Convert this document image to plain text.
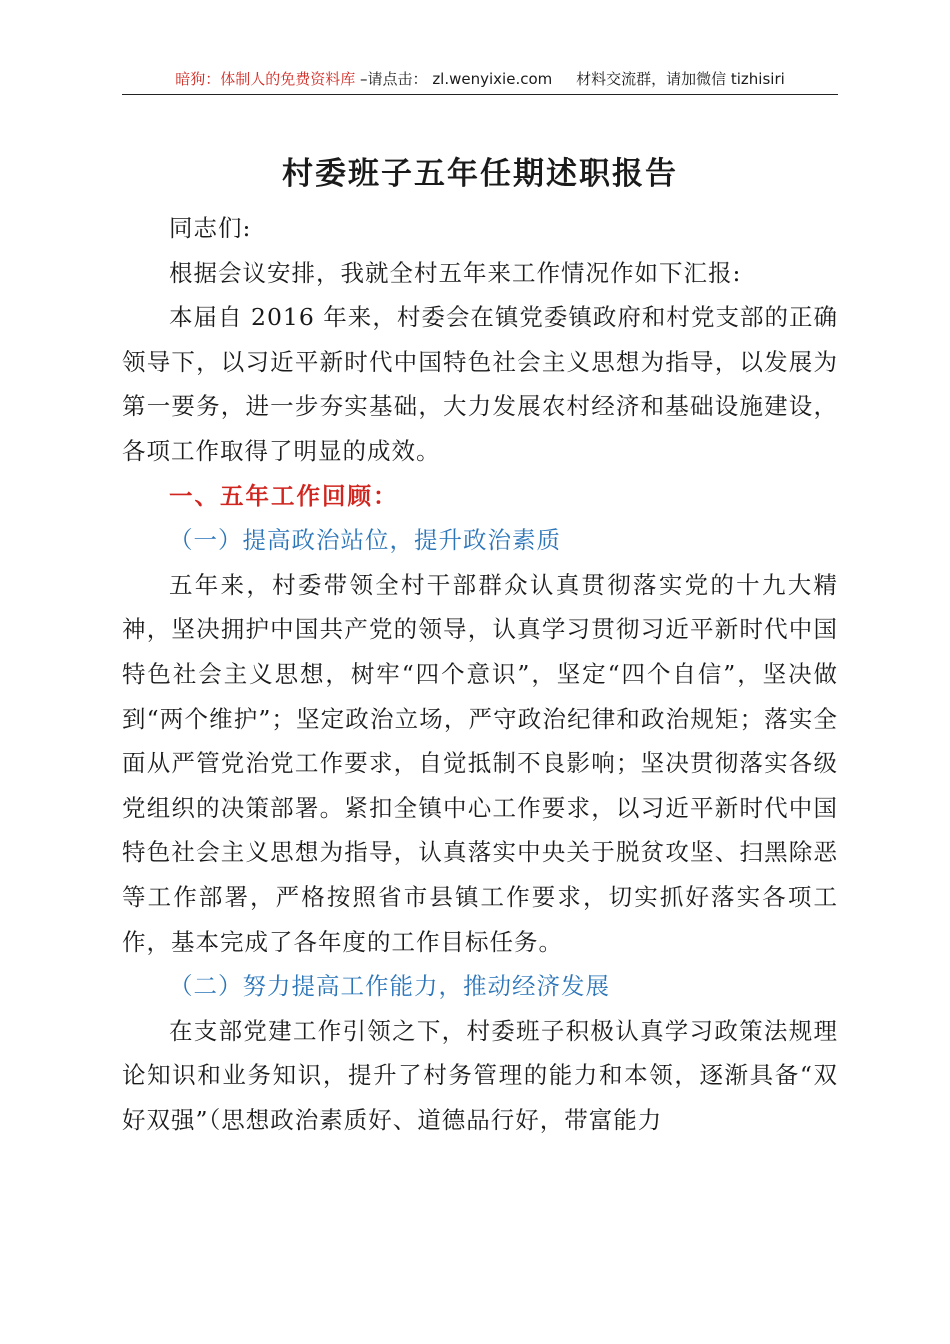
暗狗：体制人的免费资料库 –请点击： zl.wenyixie.com 材料交流群，请加微信 tizhisiri
村委班子五年任期述职报告

同志们:

根据会议安排，我就全村五年来工作情况作如下汇报:

本届自 2016 年来，村委会在镇党委镇政府和村党支部的正确领导下，以习近平新时代中国特色社会主义思想为指导，以发展为第一要务，进一步夯实基础，大力发展农村经济和基础设施建设，各项工作取得了明显的成效。

一、五年工作回顾：

（一）提高政治站位，提升政治素质

五年来，村委带领全村干部群众认真贯彻落实党的十九大精神，坚决拥护中国共产党的领导，认真学习贯彻习近平新时代中国特色社会主义思想，树牢“四个意识”，坚定“四个自信”，坚决做到“两个维护”；坚定政治立场，严守政治纪律和政治规矩；落实全面从严管党治党工作要求，自觉抵制不良影响；坚决贯彻落实各级党组织的决策部署。紧扣全镇中心工作要求，以习近平新时代中国特色社会主义思想为指导，认真落实中央关于脱贫攻坚、扫黑除恶等工作部署，严格按照省市县镇工作要求，切实抓好落实各项工作，基本完成了各年度的工作目标任务。

（二）努力提高工作能力，推动经济发展

在支部党建工作引领之下，村委班子积极认真学习政策法规理论知识和业务知识，提升了村务管理的能力和本领，逐渐具备“双好双强”（思想政治素质好、道德品行好，带富能力
